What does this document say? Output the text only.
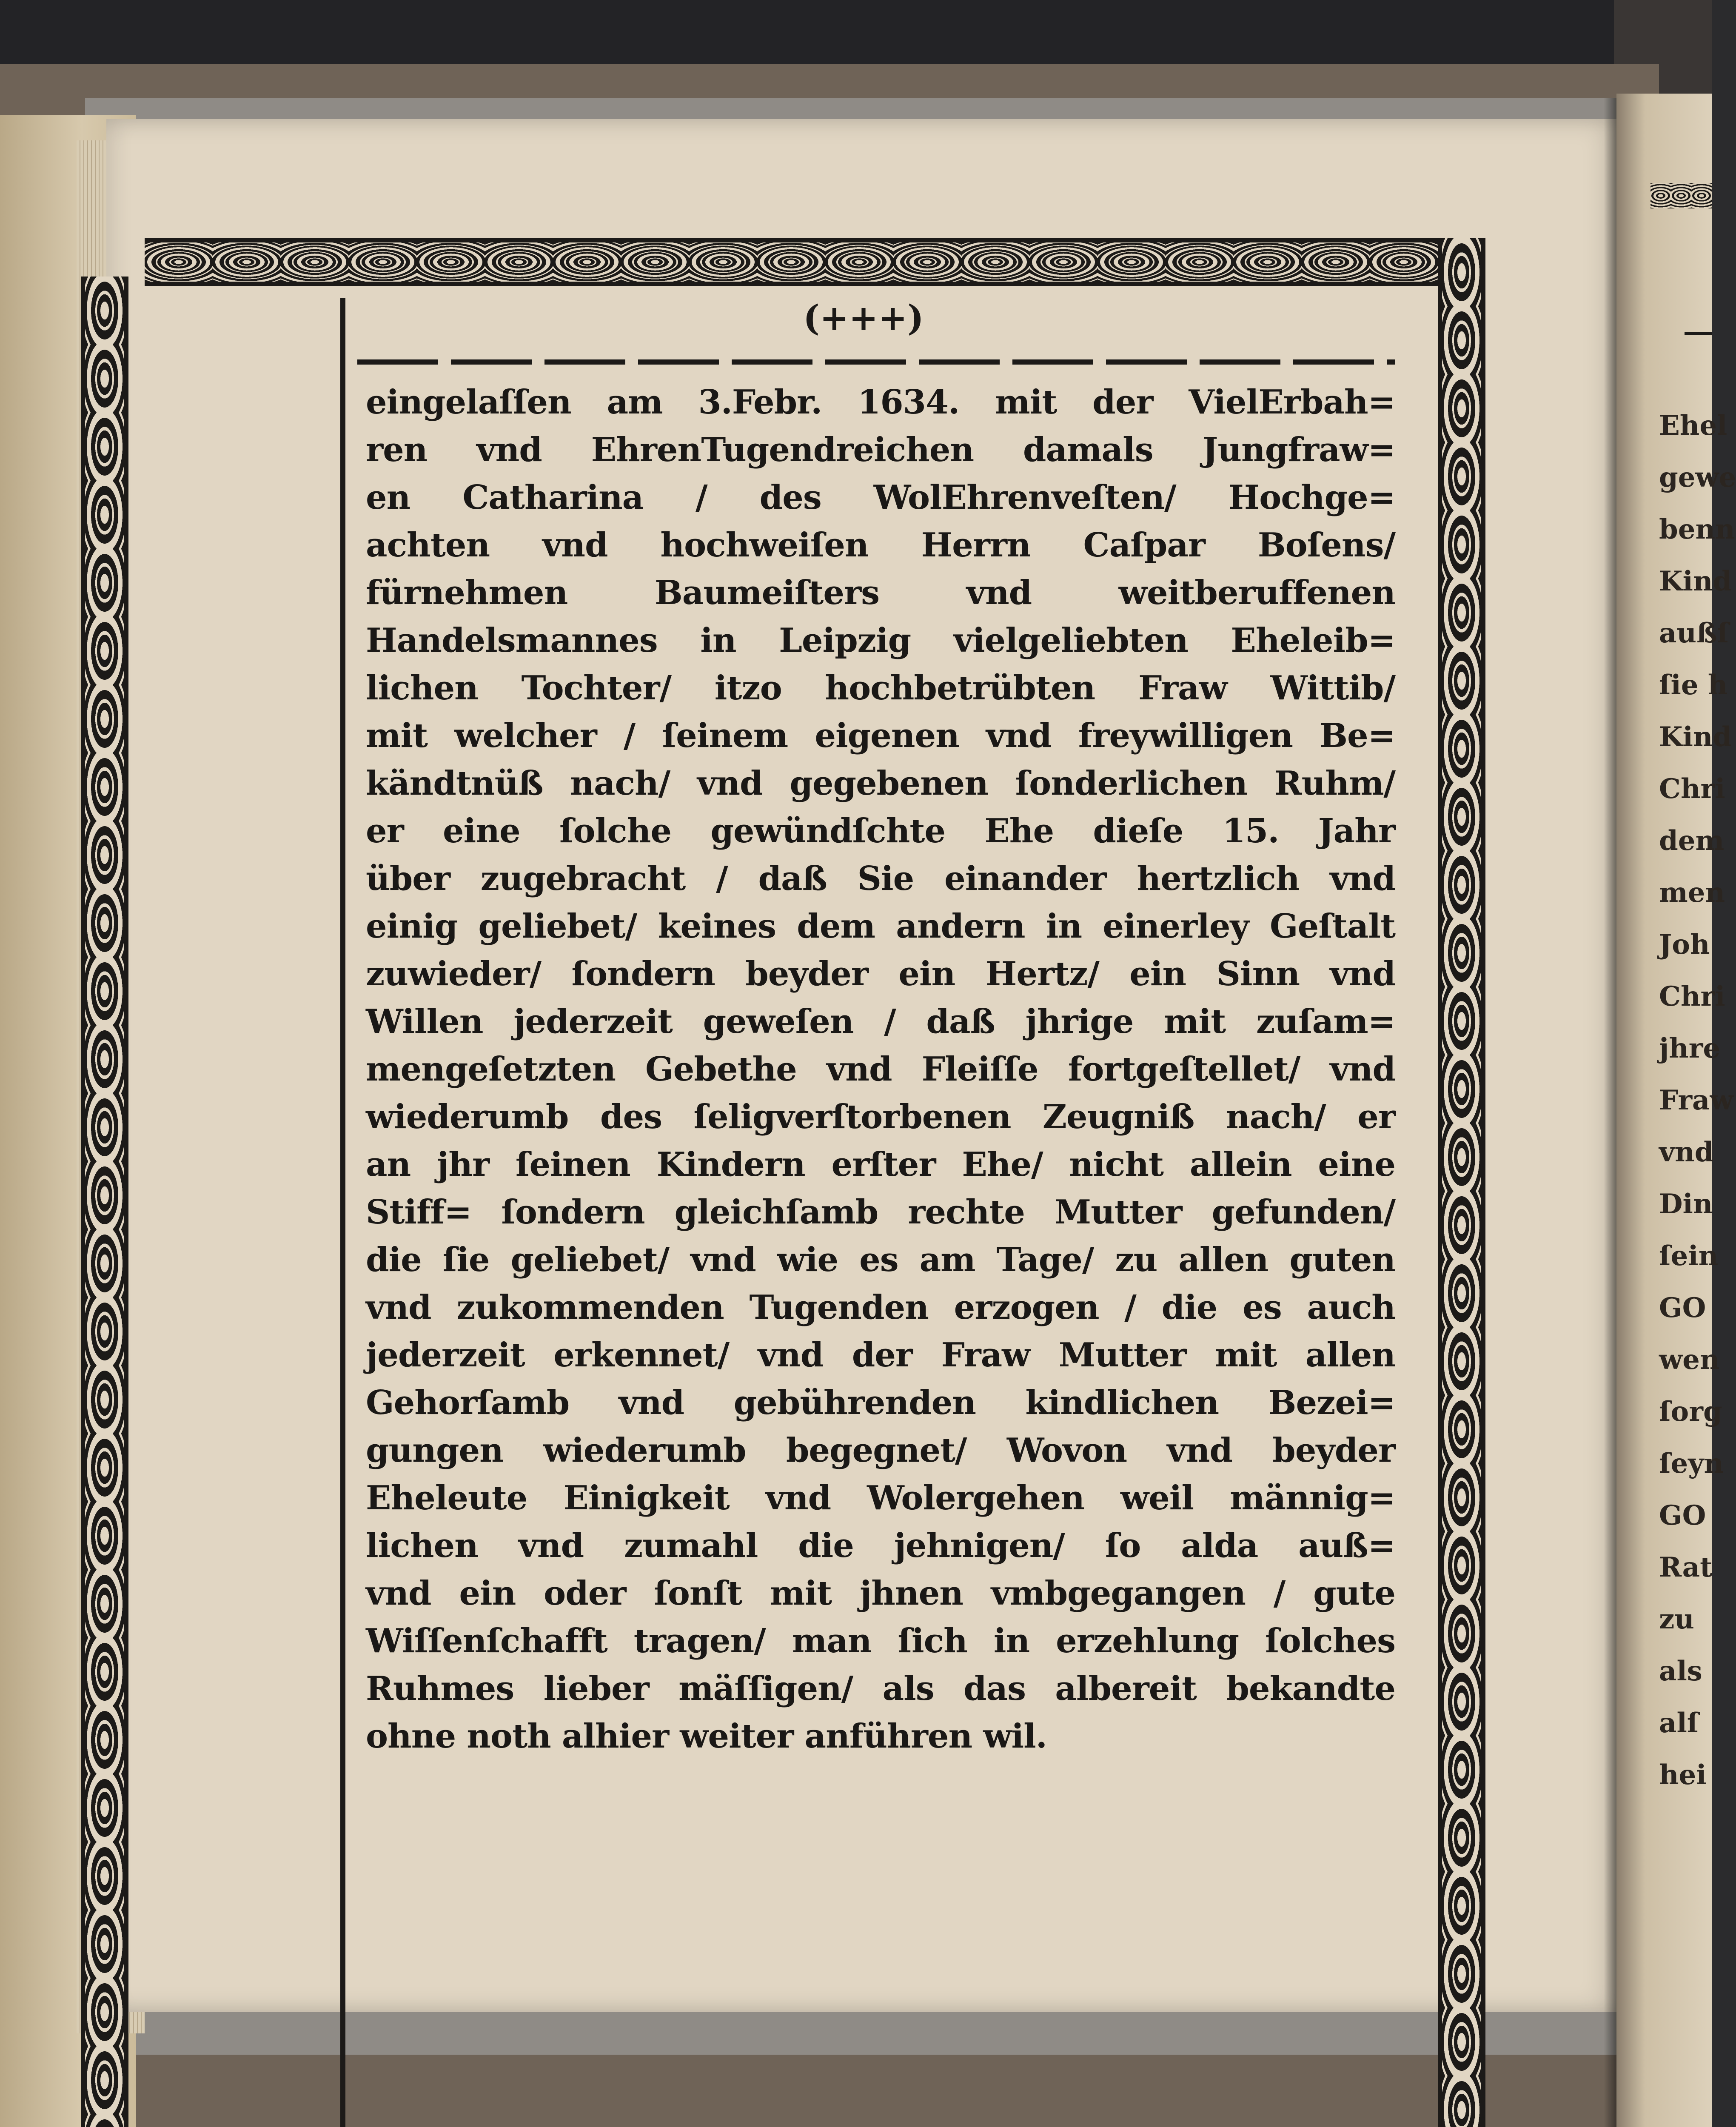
(+++)
eingelaſſen am 3.Febr. 1634. mit der VielErbah=
ren vnd EhrenTugendreichen damals Jungfraw=
en Catharina / des WolEhrenveſten/ Hochge=
achten vnd hochweiſen Herrn Caſpar Boſens/
fürnehmen Baumeiſters vnd weitberuffenen
Handelsmannes in Leipzig vielgeliebten Eheleib=
lichen Tochter/ itzo hochbetrübten Fraw Wittib/
mit welcher / ſeinem eigenen vnd freywilligen Be=
kändtnüß nach/ vnd gegebenen ſonderlichen Ruhm/
er eine ſolche gewündſchte Ehe dieſe 15. Jahr
über zugebracht / daß Sie einander hertzlich vnd
einig geliebet/ keines dem andern in einerley Geſtalt
zuwieder/ ſondern beyder ein Hertz/ ein Sinn vnd
Willen jederzeit geweſen / daß jhrige mit zuſam=
mengeſetzten Gebethe vnd Fleiſſe fortgeſtellet/ vnd
wiederumb des ſeligverſtorbenen Zeugniß nach/ er
an jhr ſeinen Kindern erſter Ehe/ nicht allein eine
Stiff= ſondern gleichſamb rechte Mutter gefunden/
die ſie geliebet/ vnd wie es am Tage/ zu allen guten
vnd zukommenden Tugenden erzogen / die es auch
jederzeit erkennet/ vnd der Fraw Mutter mit allen
Gehorſamb vnd gebührenden kindlichen Bezei=
gungen wiederumb begegnet/ Wovon vnd beyder
Eheleute Einigkeit vnd Wolergehen weil männig=
lichen vnd zumahl die jehnigen/ ſo alda auß=
vnd ein oder ſonſt mit jhnen vmbgegangen / gute
Wiſſenſchafft tragen/ man ſich in erzehlung ſolches
Ruhmes lieber mäſſigen/ als das albereit bekandte
ohne noth alhier weiter anführen wil.
Ehel
gewe
benn
Kind
außſ
ſie h
Kind
Chri
dem
men
Joh
Chri
jhre
Fraw
vnd
Din
ſein
GO
wen
ſorg
ſeyn
GO
Rat
zu
als
alſ
hei
